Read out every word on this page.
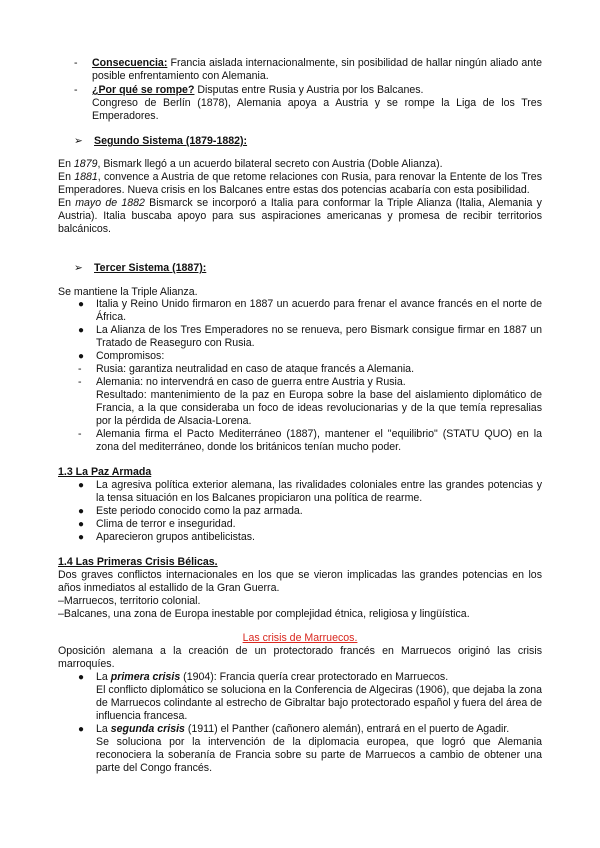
- Consecuencia: Francia aislada internacionalmente, sin posibilidad de hallar ningún aliado ante posible enfrentamiento con Alemania.
- ¿Por qué se rompe? Disputas entre Rusia y Austria por los Balcanes.
Congreso de Berlín (1878), Alemania apoya a Austria y se rompe la Liga de los Tres Emperadores.
➢ Segundo Sistema (1879-1882):
En 1879, Bismark llegó a un acuerdo bilateral secreto con Austria (Doble Alianza).
En 1881, convence a Austria de que retome relaciones con Rusia, para renovar la Entente de los Tres Emperadores. Nueva crisis en los Balcanes entre estas dos potencias acabaría con esta posibilidad.
En mayo de 1882 Bismarck se incorporó a Italia para conformar la Triple Alianza (Italia, Alemania y Austria). Italia buscaba apoyo para sus aspiraciones americanas y promesa de recibir territorios balcánicos.
➢ Tercer Sistema (1887):
Se mantiene la Triple Alianza.
● Italia y Reino Unido firmaron en 1887 un acuerdo para frenar el avance francés en el norte de África.
● La Alianza de los Tres Emperadores no se renueva, pero Bismark consigue firmar en 1887 un Tratado de Reaseguro con Rusia.
● Compromisos:
- Rusia: garantiza neutralidad en caso de ataque francés a Alemania.
- Alemania: no intervendrá en caso de guerra entre Austria y Rusia.
Resultado: mantenimiento de la paz en Europa sobre la base del aislamiento diplomático de Francia, a la que consideraba un foco de ideas revolucionarias y de la que temía represalias por la pérdida de Alsacia-Lorena.
- Alemania firma el Pacto Mediterráneo (1887), mantener el "equilibrio" (STATU QUO) en la zona del mediterráneo, donde los británicos tenían mucho poder.
1.3 La Paz Armada
● La agresiva política exterior alemana, las rivalidades coloniales entre las grandes potencias y la tensa situación en los Balcanes propiciaron una política de rearme.
● Este periodo conocido como la paz armada.
● Clima de terror e inseguridad.
● Aparecieron grupos antibelicistas.
1.4 Las Primeras Crisis Bélicas.
Dos graves conflictos internacionales en los que se vieron implicadas las grandes potencias en los años inmediatos al estallido de la Gran Guerra.
–Marruecos, territorio colonial.
–Balcanes, una zona de Europa inestable por complejidad étnica, religiosa y lingüística.
Las crisis de Marruecos.
Oposición alemana a la creación de un protectorado francés en Marruecos originó las crisis marroquíes.
● La primera crisis (1904): Francia quería crear protectorado en Marruecos.
El conflicto diplomático se soluciona en la Conferencia de Algeciras (1906), que dejaba la zona de Marruecos colindante al estrecho de Gibraltar bajo protectorado español y fuera del área de influencia francesa.
● La segunda crisis (1911) el Panther (cañonero alemán), entrará en el puerto de Agadir.
Se soluciona por la intervención de la diplomacia europea, que logró que Alemania reconociera la soberanía de Francia sobre su parte de Marruecos a cambio de obtener una parte del Congo francés.
